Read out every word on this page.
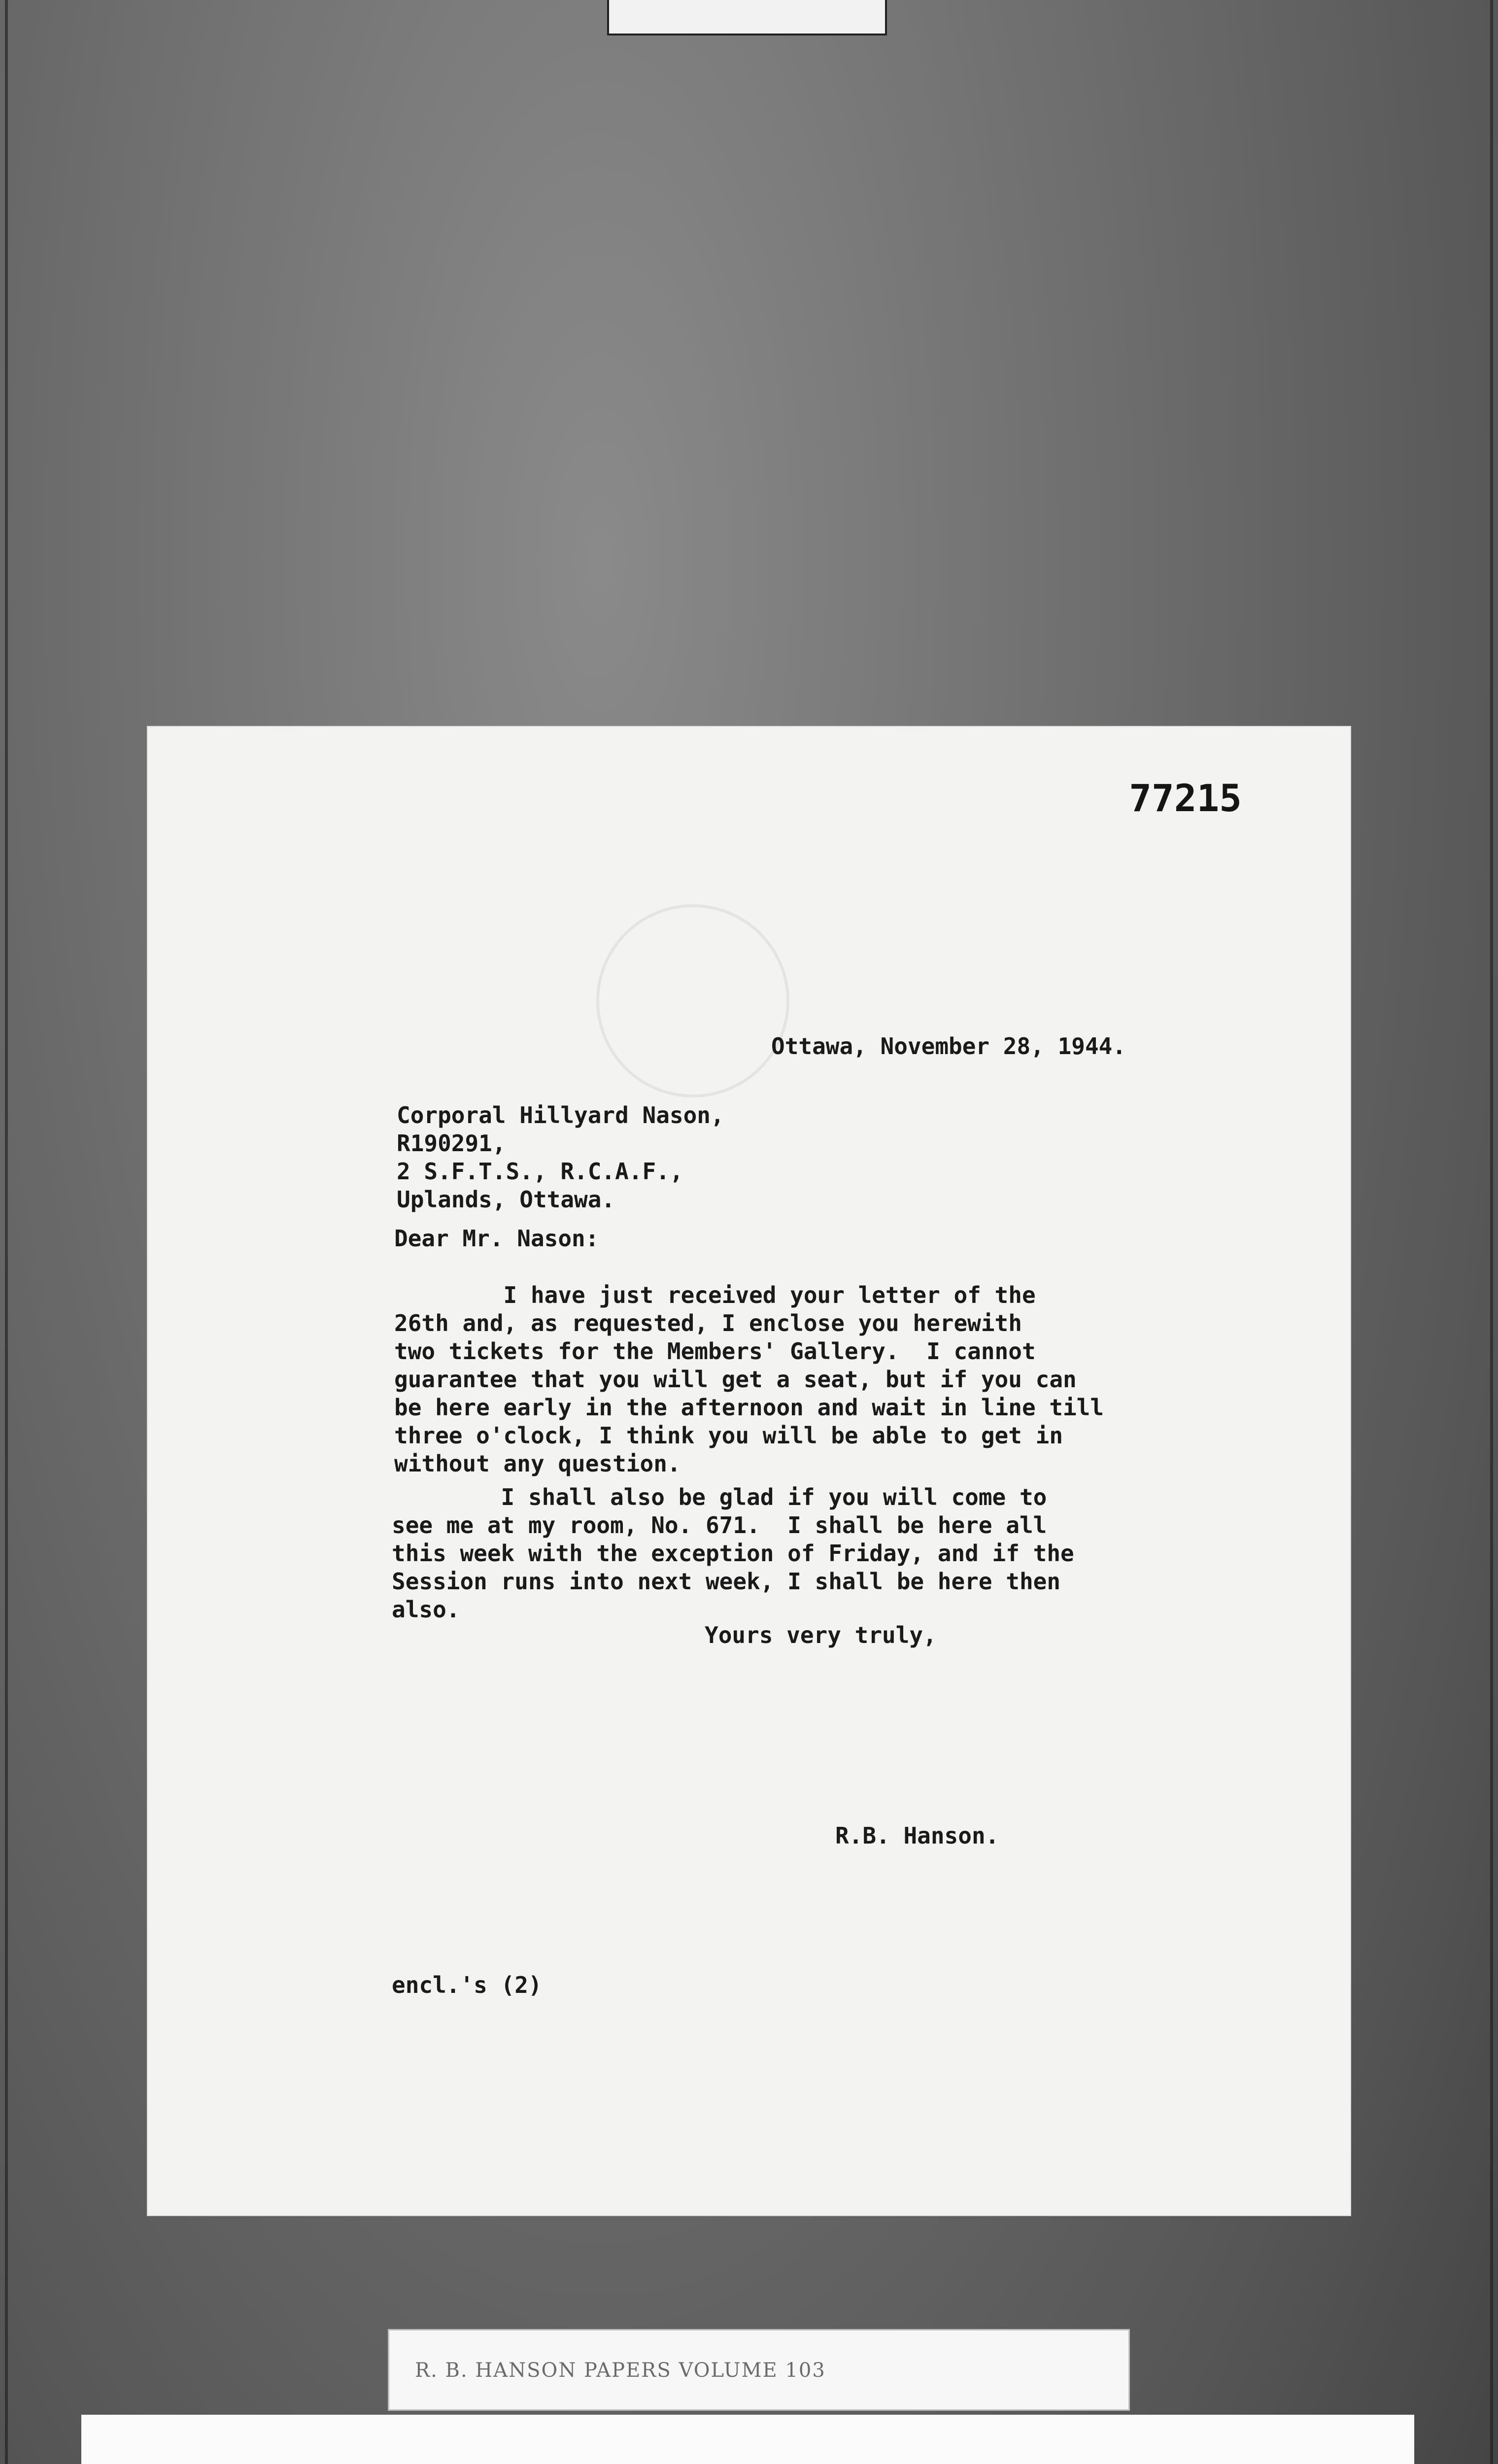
77215
Ottawa, November 28, 1944.
Corporal Hillyard Nason,
R190291,
2 S.F.T.S., R.C.A.F.,
Uplands, Ottawa.
Dear Mr. Nason:
I have just received your letter of the
26th and, as requested, I enclose you herewith
two tickets for the Members' Gallery.  I cannot
guarantee that you will get a seat, but if you can
be here early in the afternoon and wait in line till
three o'clock, I think you will be able to get in
without any question.
I shall also be glad if you will come to
see me at my room, No. 671.  I shall be here all
this week with the exception of Friday, and if the
Session runs into next week, I shall be here then
also.
Yours very truly,
R.B. Hanson.
encl.'s (2)
R. B. HANSON PAPERS VOLUME 103
